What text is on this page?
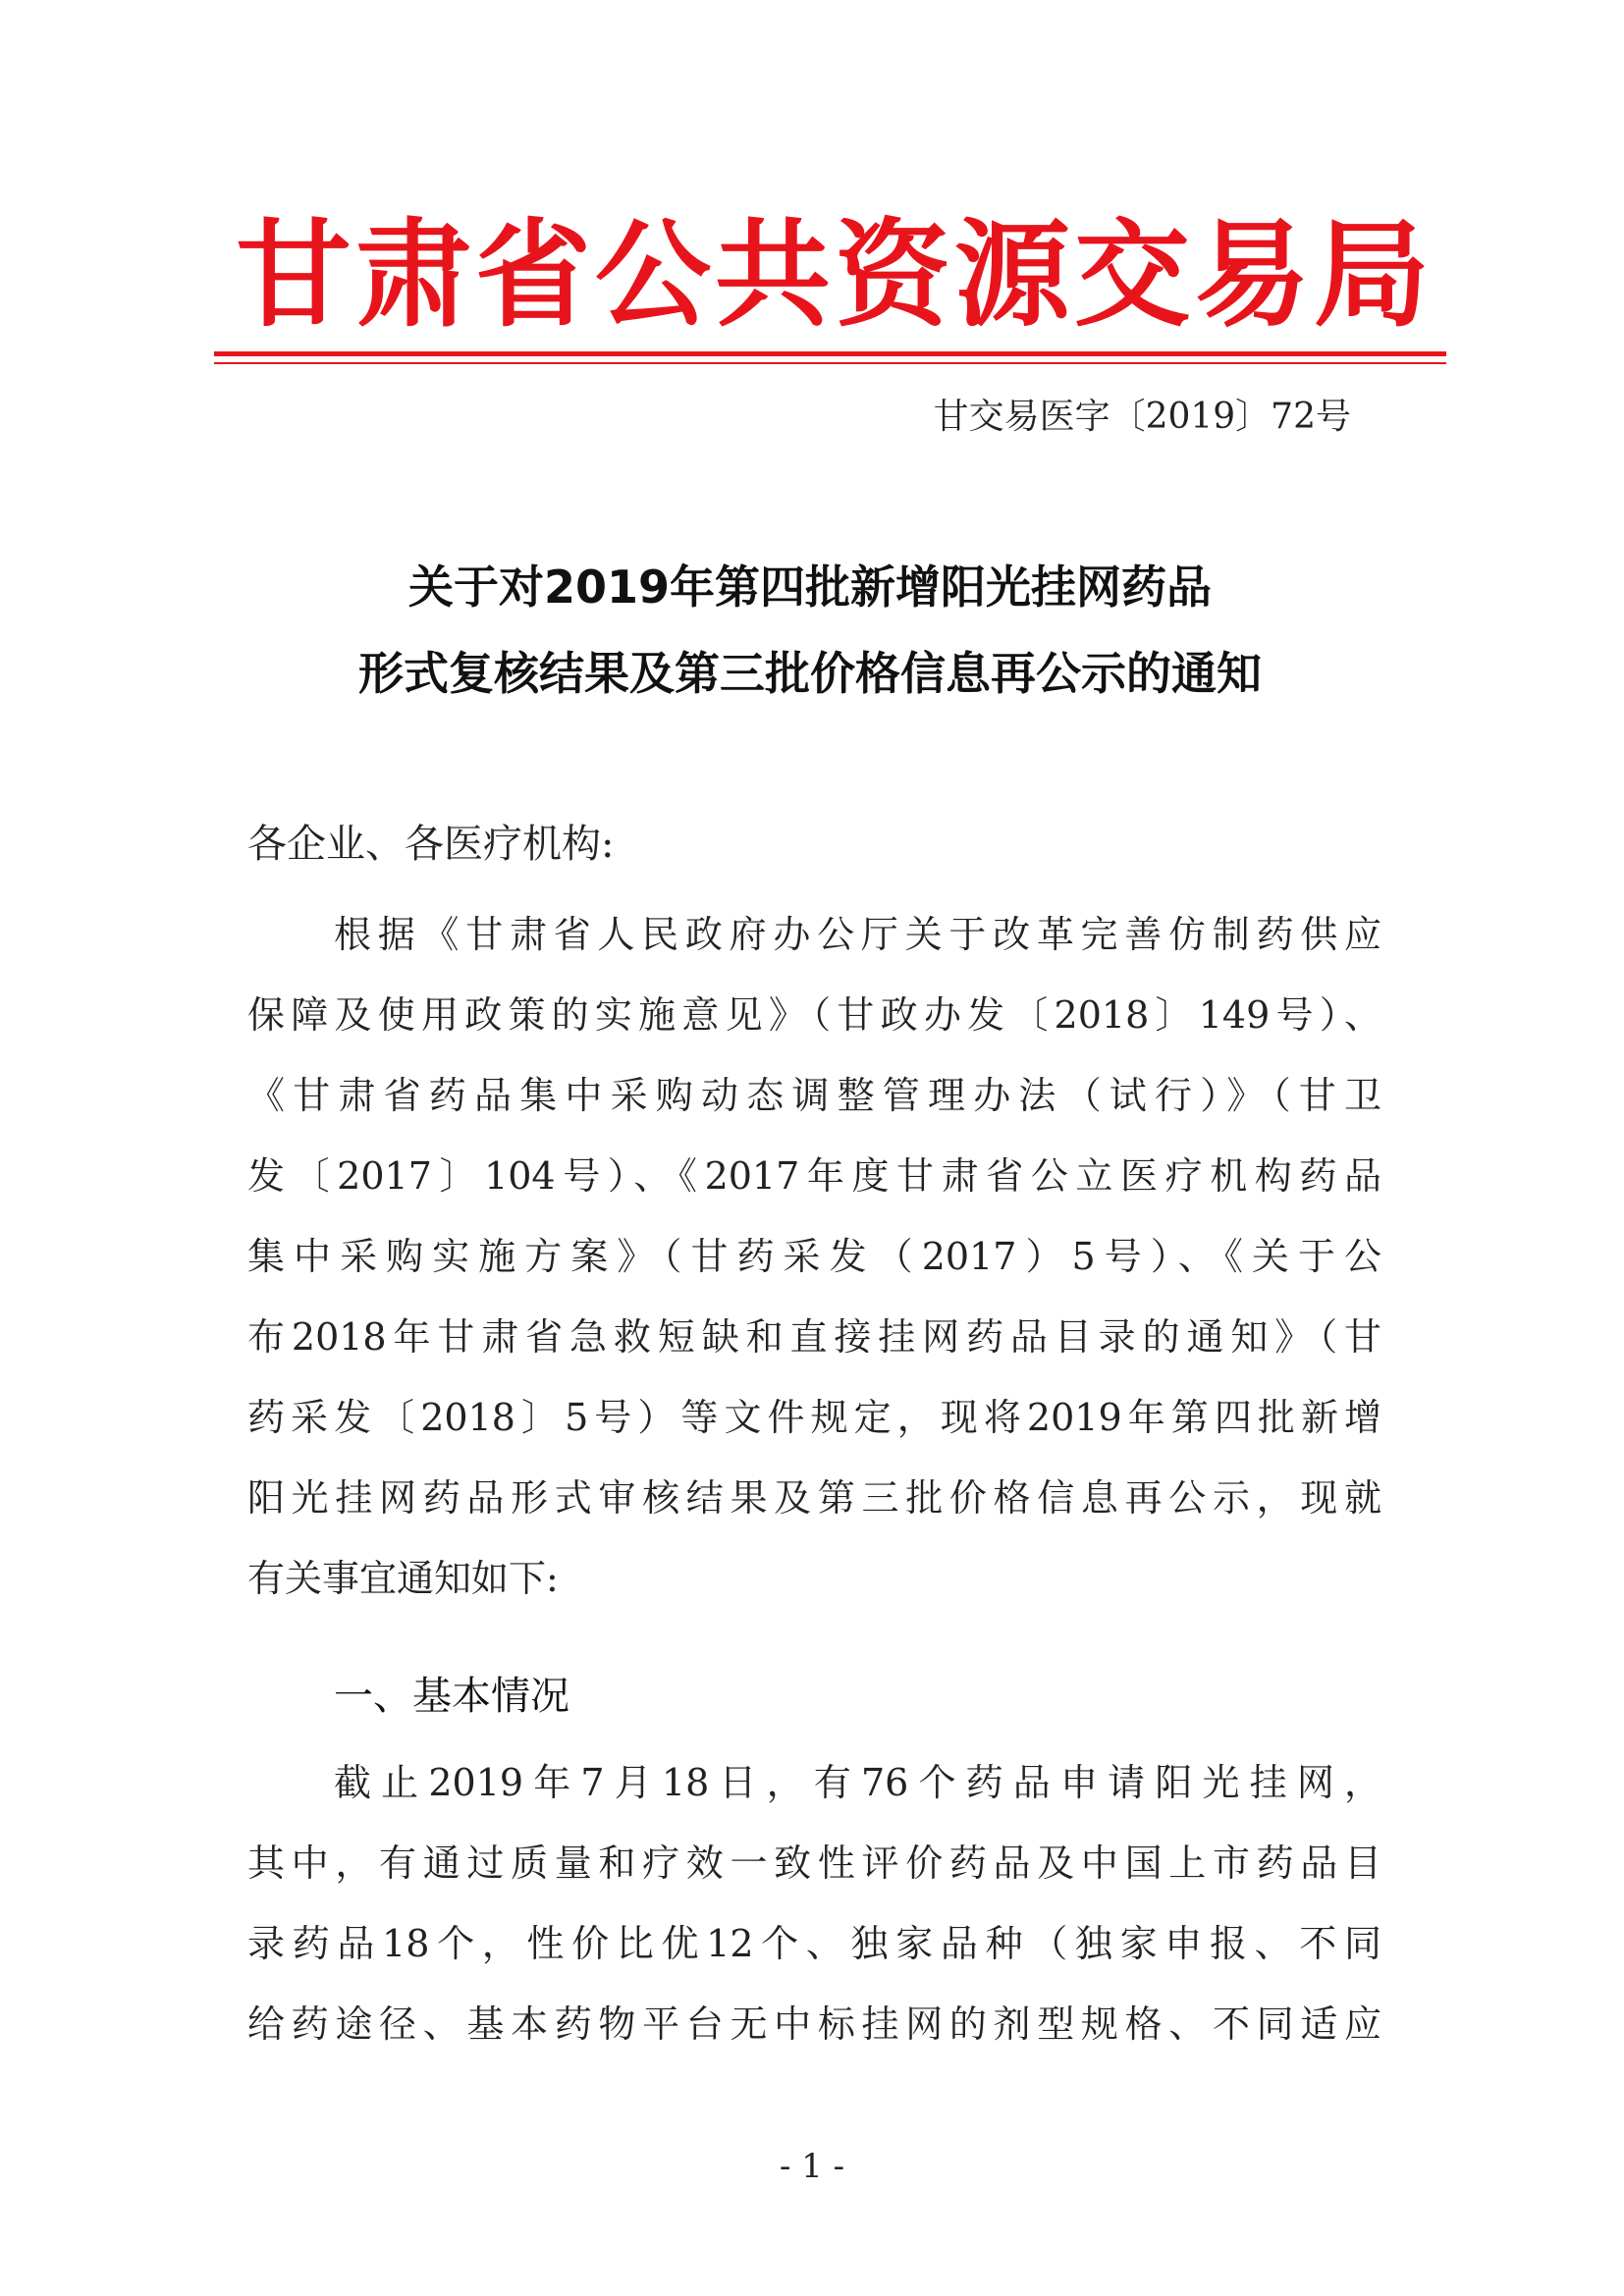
甘肃省公共资源交易局
甘交易医字〔2019〕72号
关于对2019年第四批新增阳光挂网药品
形式复核结果及第三批价格信息再公示的通知
各企业、各医疗机构:
根据《甘肃省人民政府办公厅关于改革完善仿制药供应
保障及使用政策的实施意见》（甘政办发〔2018〕149号）、
《甘肃省药品集中采购动态调整管理办法（试行）》（甘卫
发〔2017〕104号）、《2017年度甘肃省公立医疗机构药品
集中采购实施方案》（甘药采发（2017）5号）、《关于公
布2018年甘肃省急救短缺和直接挂网药品目录的通知》（甘
药采发〔2018〕5号）等文件规定，现将2019年第四批新增
阳光挂网药品形式审核结果及第三批价格信息再公示，现就
有关事宜通知如下:
一、基本情况
截止2019年7月18日，有76个药品申请阳光挂网，
其中，有通过质量和疗效一致性评价药品及中国上市药品目
录药品18个，性价比优12个、独家品种（独家申报、不同
给药途径、基本药物平台无中标挂网的剂型规格、不同适应
- 1 -
